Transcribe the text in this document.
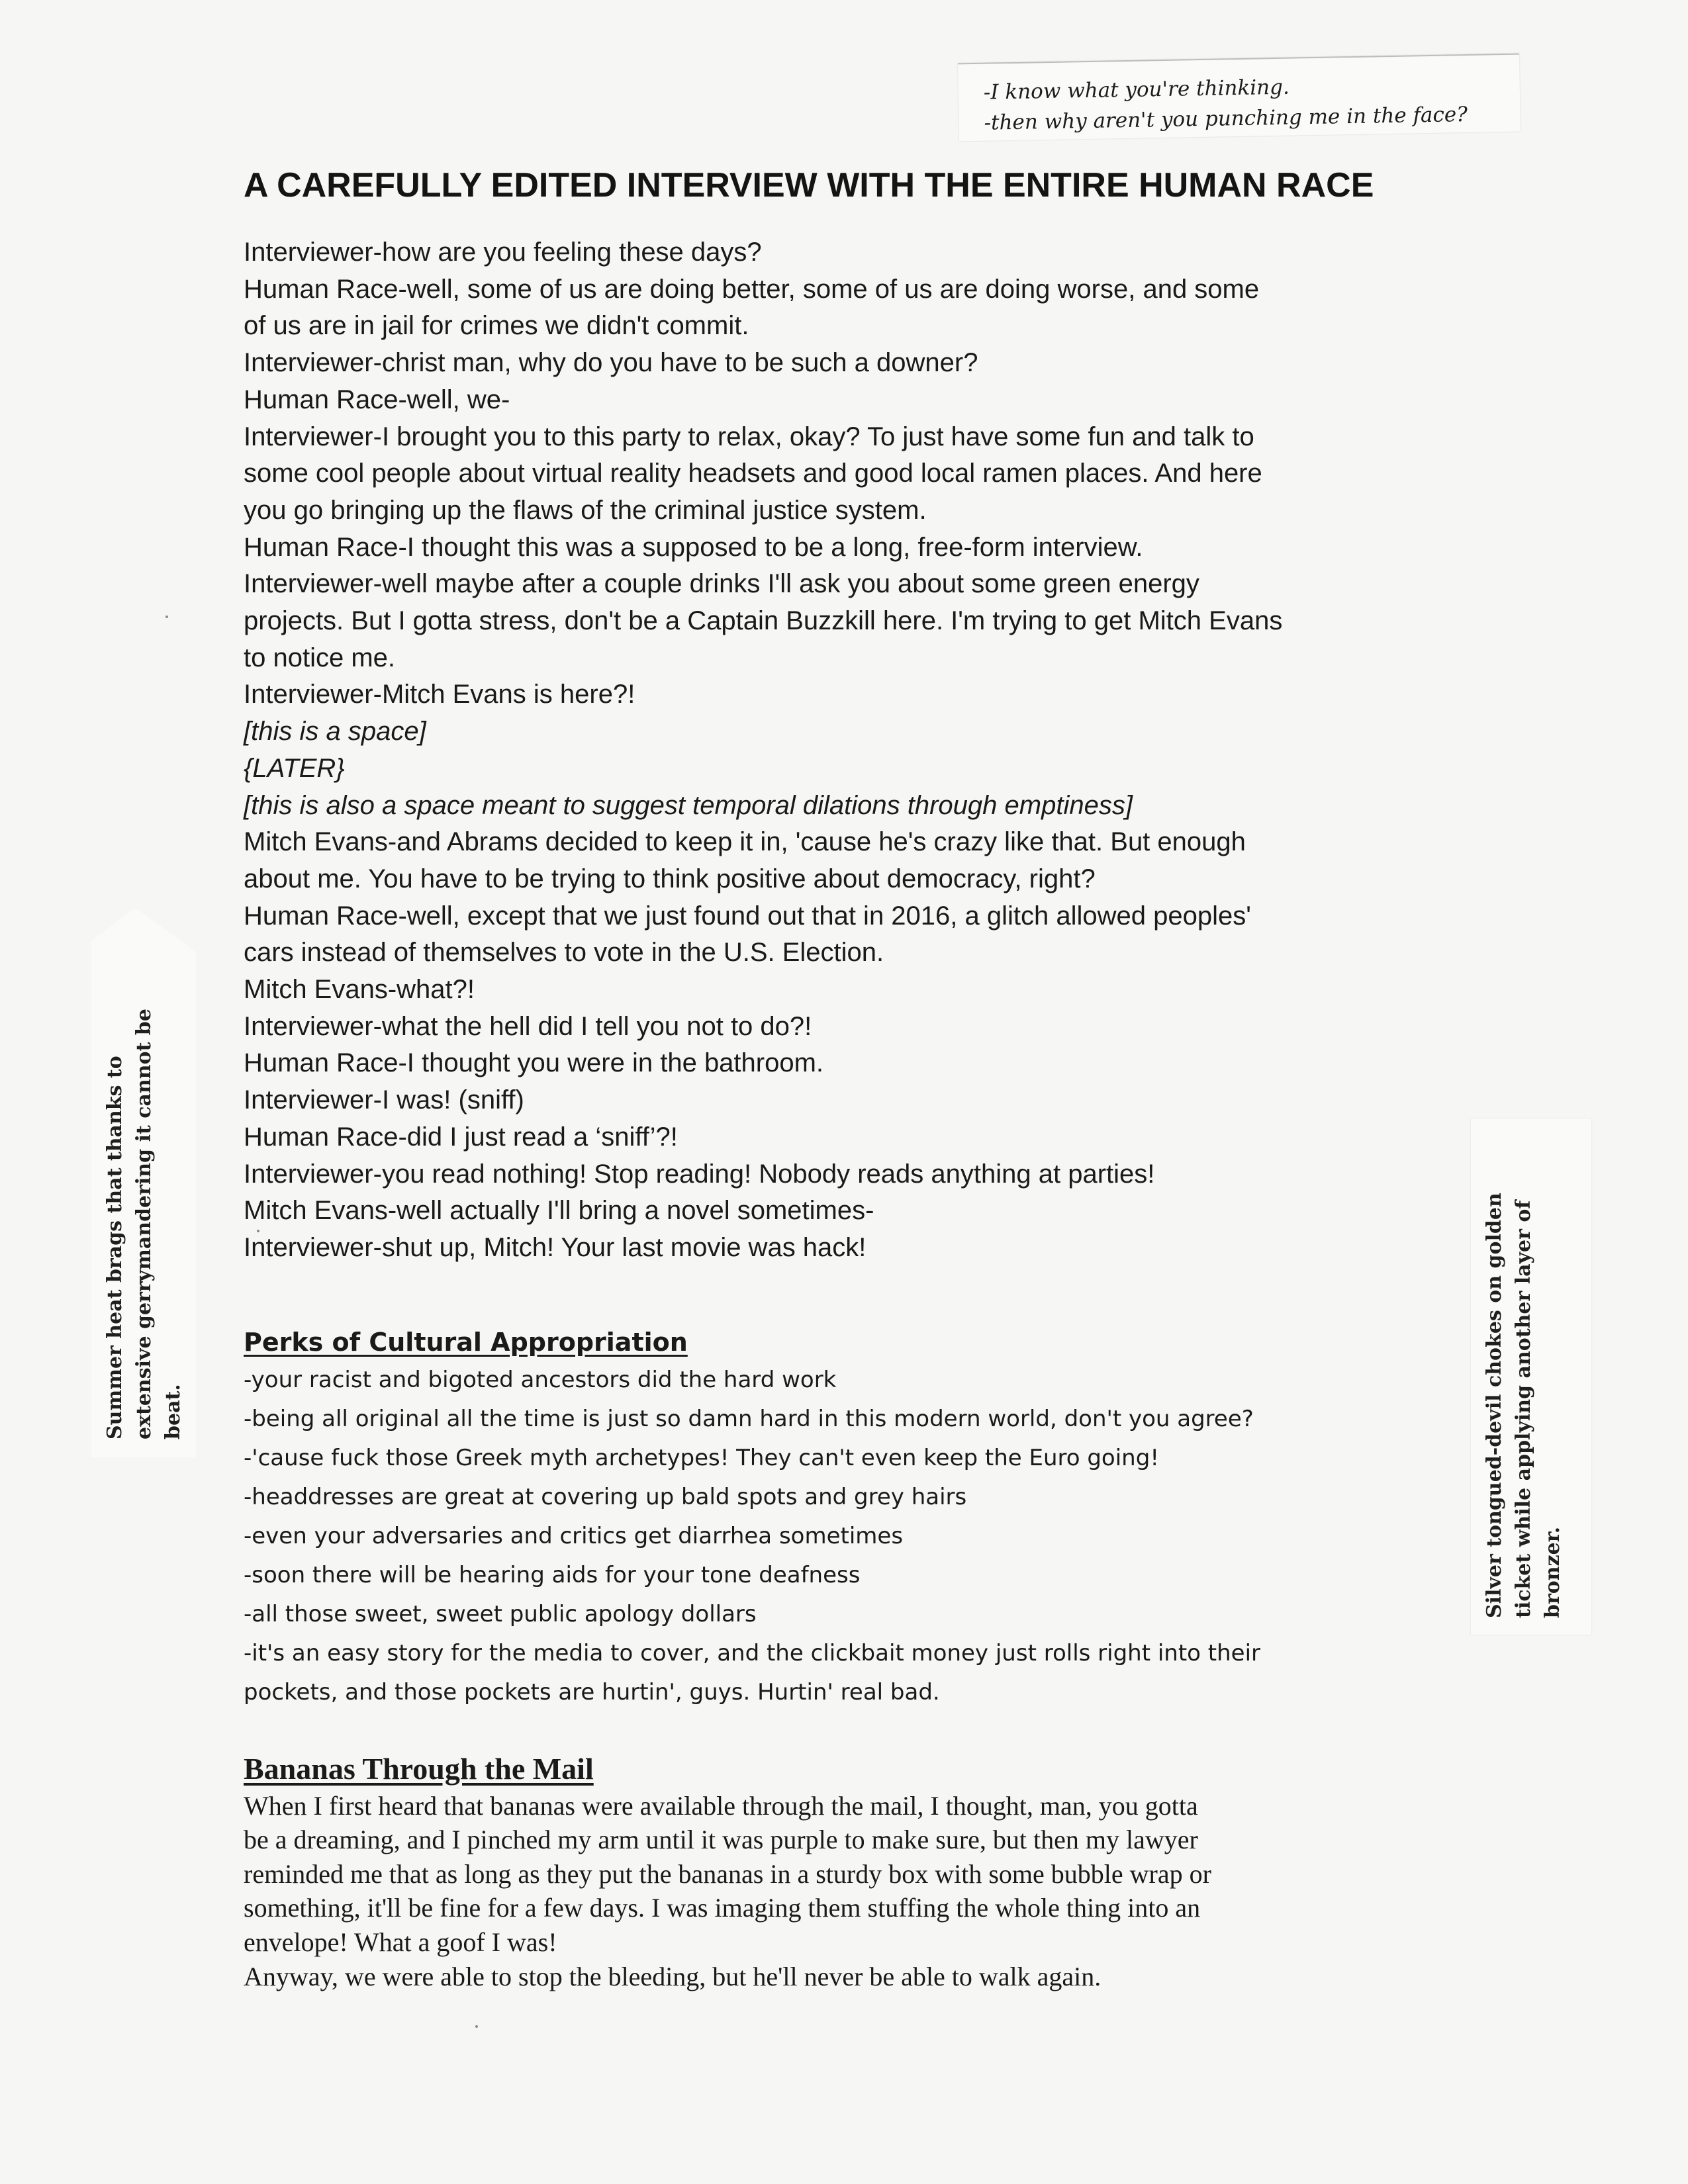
-I know what you're thinking.
-then why aren't you punching me in the face?
Summer heat brags that thanks to extensive gerrymandering it cannot be beat.	Silver tongued-devil chokes on golden ticket while applying another layer of bronzer.
A CAREFULLY EDITED INTERVIEW WITH THE ENTIRE HUMAN RACE
Interviewer-how are you feeling these days?
Human Race-well, some of us are doing better, some of us are doing worse, and some
of us are in jail for crimes we didn't commit.
Interviewer-christ man, why do you have to be such a downer?
Human Race-well, we-
Interviewer-I brought you to this party to relax, okay? To just have some fun and talk to
some cool people about virtual reality headsets and good local ramen places. And here
you go bringing up the flaws of the criminal justice system.
Human Race-I thought this was a supposed to be a long, free-form interview.
Interviewer-well maybe after a couple drinks I'll ask you about some green energy
projects. But I gotta stress, don't be a Captain Buzzkill here. I'm trying to get Mitch Evans
to notice me.
Interviewer-Mitch Evans is here?!
[this is a space]
{LATER}
[this is also a space meant to suggest temporal dilations through emptiness]
Mitch Evans-and Abrams decided to keep it in, 'cause he's crazy like that. But enough
about me. You have to be trying to think positive about democracy, right?
Human Race-well, except that we just found out that in 2016, a glitch allowed peoples'
cars instead of themselves to vote in the U.S. Election.
Mitch Evans-what?!
Interviewer-what the hell did I tell you not to do?!
Human Race-I thought you were in the bathroom.
Interviewer-I was! (sniff)
Human Race-did I just read a ‘sniff’?!
Interviewer-you read nothing! Stop reading! Nobody reads anything at parties!
Mitch Evans-well actually I'll bring a novel sometimes-
Interviewer-shut up, Mitch! Your last movie was hack!
Perks of Cultural Appropriation
-your racist and bigoted ancestors did the hard work
-being all original all the time is just so damn hard in this modern world, don't you agree?
-'cause fuck those Greek myth archetypes! They can't even keep the Euro going!
-headdresses are great at covering up bald spots and grey hairs
-even your adversaries and critics get diarrhea sometimes
-soon there will be hearing aids for your tone deafness
-all those sweet, sweet public apology dollars
-it's an easy story for the media to cover, and the clickbait money just rolls right into their
pockets, and those pockets are hurtin', guys. Hurtin' real bad.
Bananas Through the Mail
When I first heard that bananas were available through the mail, I thought, man, you gotta
be a dreaming, and I pinched my arm until it was purple to make sure, but then my lawyer
reminded me that as long as they put the bananas in a sturdy box with some bubble wrap or
something, it'll be fine for a few days. I was imaging them stuffing the whole thing into an
envelope! What a goof I was!
Anyway, we were able to stop the bleeding, but he'll never be able to walk again.
